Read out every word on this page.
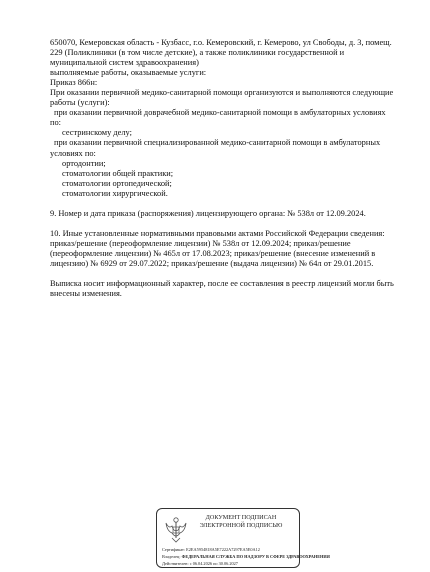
650070, Кемеровская область - Кузбасс, г.о. Кемеровский, г. Кемерово, ул Свободы, д. 3, помещ.
229 (Поликлиники (в том числе детские), а также поликлиники государственной и
муниципальной систем здравоохранения)
выполняемые работы, оказываемые услуги:
Приказ 866н:
При оказании первичной медико-санитарной помощи организуются и выполняются следующие
работы (услуги):
при оказании первичной доврачебной медико-санитарной помощи в амбулаторных условиях
по:
сестринскому делу;
при оказании первичной специализированной медико-санитарной помощи в амбулаторных
условиях по:
ортодонтии;
стоматологии общей практики;
стоматологии ортопедической;
стоматологии хирургической.
9. Номер и дата приказа (распоряжения) лицензирующего органа: № 538л от 12.09.2024.
10. Иные установленные нормативными правовыми актами Российской Федерации сведения:
приказ/решение (переоформление лицензии) № 538л от 12.09.2024; приказ/решение
(переоформление лицензии) № 465л от 17.08.2023; приказ/решение (внесение изменений в
лицензию) № 6929 от 29.07.2022; приказ/решение (выдача лицензии) № 64л от 29.01.2015.
Выписка носит информационный характер, после ее составления в реестр лицензий могли быть
внесены изменения.
ДОКУМЕНТ ПОДПИСАН
ЭЛЕКТРОННОЙ ПОДПИСЬЮ
Сертификат: E2EA5954818A5E7222A7297EA5E0A12
Владелец: ФЕДЕРАЛЬНАЯ СЛУЖБА ПО НАДЗОРУ В СФЕРЕ ЗДРАВООХРАНЕНИЯ
Действителен: с 06.04.2026 по 30.06.2027
